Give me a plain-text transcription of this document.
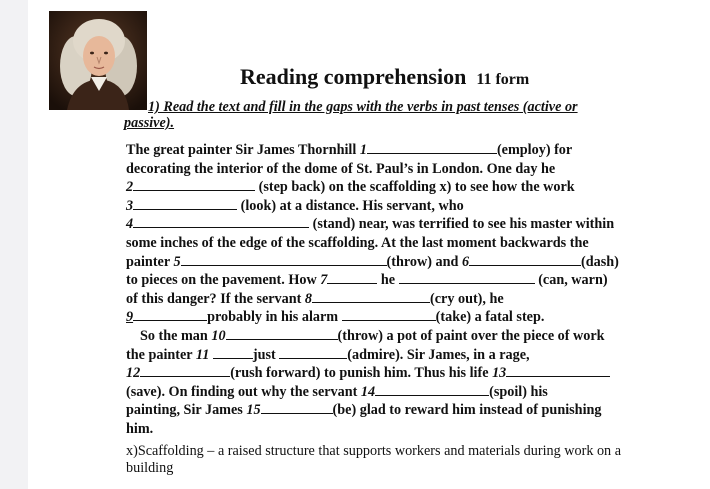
Reading comprehension 11 form
1) Read the text and fill in the gaps with the verbs in past tenses (active or
passive).
The great painter Sir James Thornhill 1	(employ) for
decorating the interior of the dome of St. Paul’s in London. One day he
2	(step back) on the scaffolding x) to see how the work
3	(look) at a distance. His servant, who
4	(stand) near, was terrified to see his master within
some inches of the edge of the scaffolding. At the last moment backwards the
painter 5	(throw) and 6	(dash)
to pieces on the pavement. How 7	he	(can, warn)
of this danger? If the servant 8	(cry out), he
9	probably in his alarm	(take) a fatal step.
So the man 10	(throw) a pot of paint over the piece of work
the painter 11	just	(admire). Sir James, in a rage,
12	(rush forward) to punish him. Thus his life 13
(save). On finding out why the servant 14	(spoil) his
painting, Sir James 15	(be) glad to reward him instead of punishing
him.
x)Scaffolding – a raised structure that supports workers and materials during work on a building
